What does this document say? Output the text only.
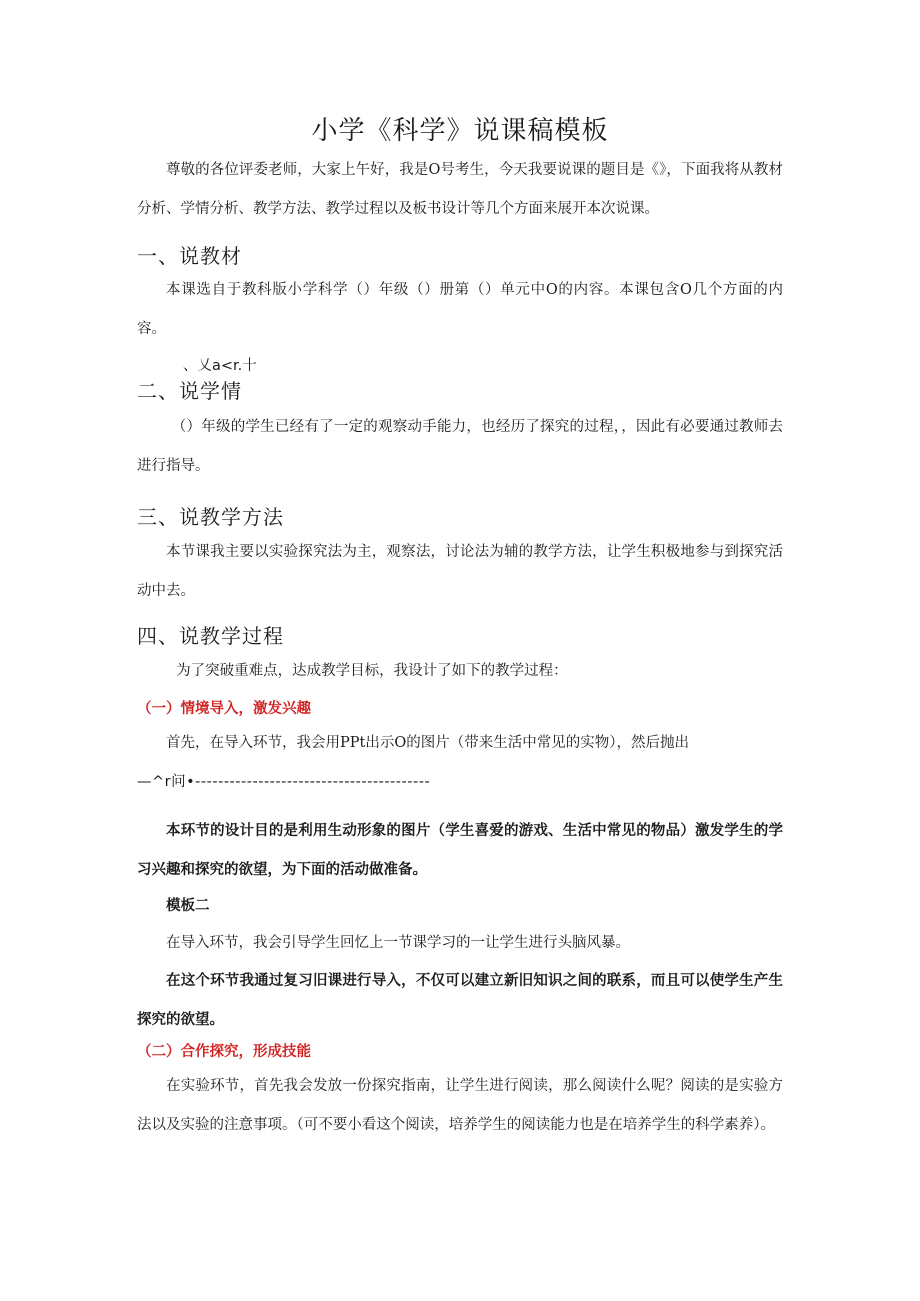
小学《科学》说课稿模板
尊敬的各位评委老师，大家上午好，我是O号考生，今天我要说课的题目是《》，下面我将从教材分析、学情分析、教学方法、教学过程以及板书设计等几个方面来展开本次说课。
一、说教材
本课选自于教科版小学科学（）年级（）册第（）单元中O的内容。本课包含O几个方面的内容。
、乂a<r.十
二、说学情
（）年级的学生已经有了一定的观察动手能力，也经历了探究的过程，，因此有必要通过教师去进行指导。
三、说教学方法
本节课我主要以实验探究法为主，观察法，讨论法为辅的教学方法，让学生积极地参与到探究活动中去。
四、说教学过程
为了突破重难点，达成教学目标，我设计了如下的教学过程：
（一）情境导入，激发兴趣
首先，在导入环节，我会用PPt出示O的图片（带来生活中常见的实物），然后抛出
—^r问•-----------------------------------------
本环节的设计目的是利用生动形象的图片（学生喜爱的游戏、生活中常见的物品）激发学生的学习兴趣和探究的欲望，为下面的活动做准备。
模板二
在导入环节，我会引导学生回忆上一节课学习的一让学生进行头脑风暴。
在这个环节我通过复习旧课进行导入，不仅可以建立新旧知识之间的联系，而且可以使学生产生探究的欲望。
（二）合作探究，形成技能
在实验环节，首先我会发放一份探究指南，让学生进行阅读，那么阅读什么呢？阅读的是实验方法以及实验的注意事项。（可不要小看这个阅读，培养学生的阅读能力也是在培养学生的科学素养）。
